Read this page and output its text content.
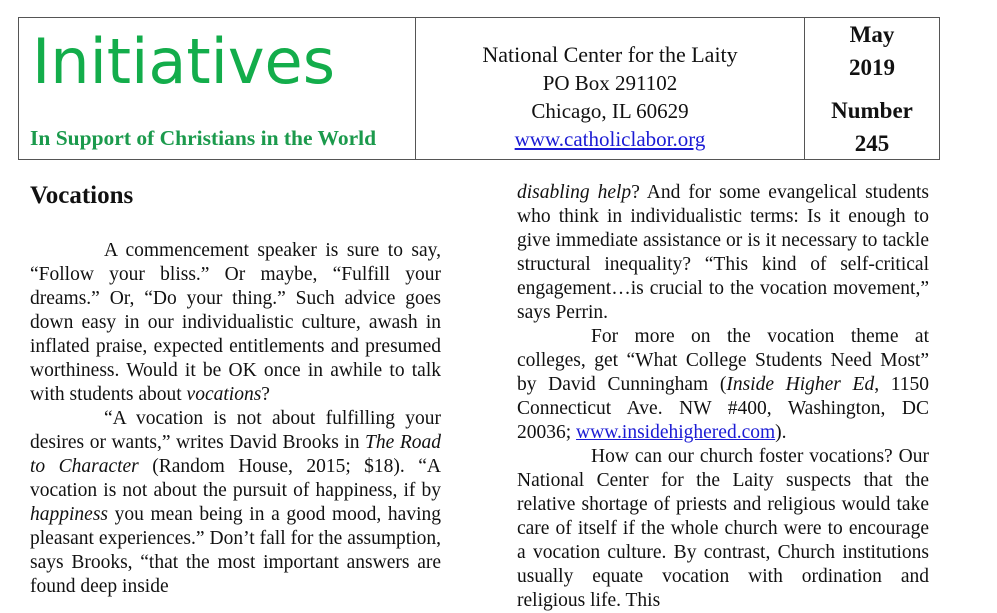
Initiatives
In Support of Christians in the World
National Center for the Laity
PO Box 291102
Chicago, IL 60629
www.catholiclabor.org
May
2019
Number
245
Vocations

A commencement speaker is sure to say, “Follow your bliss.” Or maybe, “Fulfill your dreams.” Or, “Do your thing.” Such advice goes down easy in our individualistic culture, awash in inflated praise, expected entitlements and presumed worthiness. Would it be OK once in awhile to talk with students about vocations?

“A vocation is not about fulfilling your desires or wants,” writes David Brooks in The Road to Character (Random House, 2015; $18). “A vocation is not about the pursuit of happiness, if by happiness you mean being in a good mood, having pleasant experiences.” Don’t fall for the assumption, says Brooks, “that the most important answers are found deep inside

disabling help? And for some evangelical students who think in individualistic terms: Is it enough to give immediate assistance or is it necessary to tackle structural inequality? “This kind of self-critical engagement…is crucial to the vocation movement,” says Perrin.

For more on the vocation theme at colleges, get “What College Students Need Most” by David Cunningham (Inside Higher Ed, 1150 Connecticut Ave. NW #400, Washington, DC 20036; www.insidehighered.com).

How can our church foster vocations? Our National Center for the Laity suspects that the relative shortage of priests and religious would take care of itself if the whole church were to encourage a vocation culture. By contrast, Church institutions usually equate vocation with ordination and religious life. This
